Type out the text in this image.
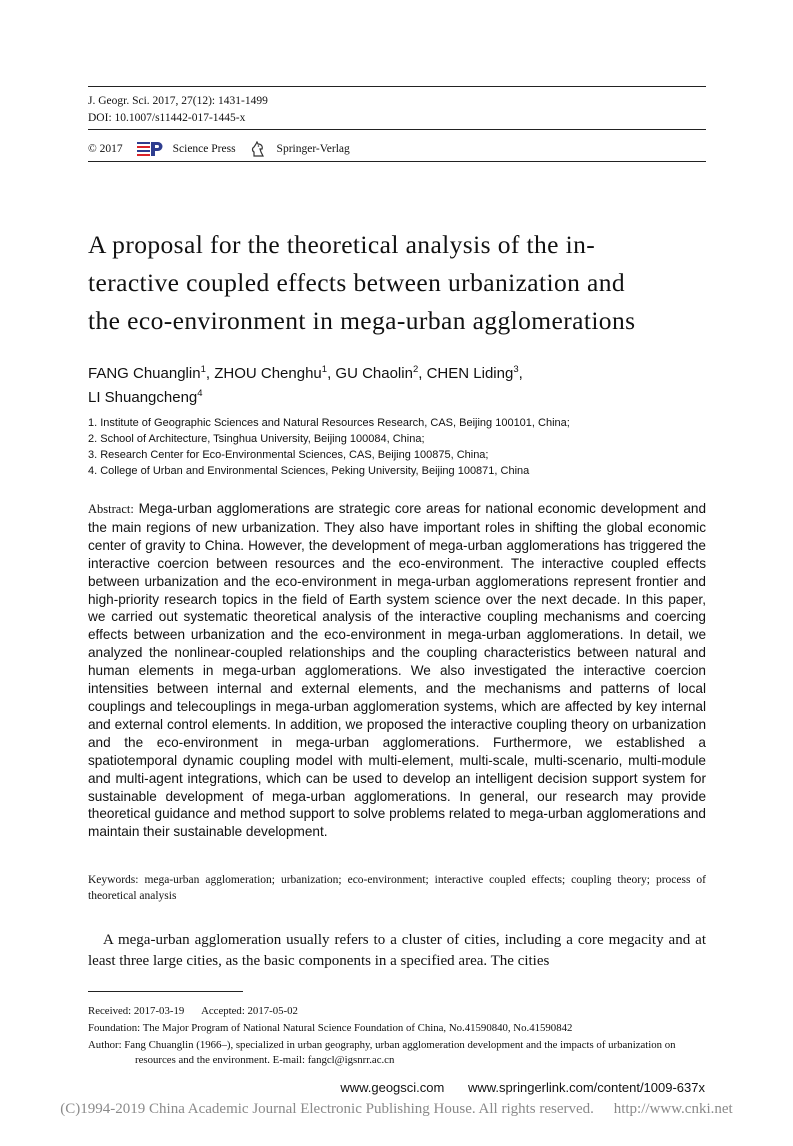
J. Geogr. Sci. 2017, 27(12): 1431-1499
DOI: 10.1007/s11442-017-1445-x
© 2017	Science Press	Springer-Verlag
A proposal for the theoretical analysis of the in-
teractive coupled effects between urbanization and
the eco-environment in mega-urban agglomerations
FANG Chuanglin$^1$, ZHOU Chenghu$^1$, GU Chaolin$^2$, CHEN Liding$^3$,
LI Shuangcheng$^4$
1. Institute of Geographic Sciences and Natural Resources Research, CAS, Beijing 100101, China;
2. School of Architecture, Tsinghua University, Beijing 100084, China;
3. Research Center for Eco-Environmental Sciences, CAS, Beijing 100875, China;
4. College of Urban and Environmental Sciences, Peking University, Beijing 100871, China
Abstract: Mega-urban agglomerations are strategic core areas for national economic development and the main regions of new urbanization. They also have important roles in shifting the global economic center of gravity to China. However, the development of mega-urban agglomerations has triggered the interactive coercion between resources and the eco-environment. The interactive coupled effects between urbanization and the eco-environment in mega-urban agglomerations represent frontier and high-priority research topics in the field of Earth system science over the next decade. In this paper, we carried out systematic theoretical analysis of the interactive coupling mechanisms and coercing effects between urbanization and the eco-environment in mega-urban agglomerations. In detail, we analyzed the nonlinear-coupled relationships and the coupling characteristics between natural and human elements in mega-urban agglomerations. We also investigated the interactive coercion intensities between internal and external elements, and the mechanisms and patterns of local couplings and telecouplings in mega-urban agglomeration systems, which are affected by key internal and external control elements. In addition, we proposed the interactive coupling theory on urbanization and the eco-environment in mega-urban agglomerations. Furthermore, we established a spatiotemporal dynamic coupling model with multi-element, multi-scale, multi-scenario, multi-module and multi-agent integrations, which can be used to develop an intelligent decision support system for sustainable development of mega-urban agglomerations. In general, our research may provide theoretical guidance and method support to solve problems related to mega-urban agglomerations and maintain their sustainable development.
Keywords: mega-urban agglomeration; urbanization; eco-environment; interactive coupled effects; coupling theory; process of theoretical analysis
A mega-urban agglomeration usually refers to a cluster of cities, including a core megacity and at least three large cities, as the basic components in a specified area. The cities
Received: 2017-03-19 Accepted: 2017-05-02
Foundation: The Major Program of National Natural Science Foundation of China, No.41590840, No.41590842
Author: Fang Chuanglin (1966–), specialized in urban geography, urban agglomeration development and the impacts of urbanization on resources and the environment. E-mail: fangcl@igsnrr.ac.cn
www.geogsci.com www.springerlink.com/content/1009-637x
(C)1994-2019 China Academic Journal Electronic Publishing House. All rights reserved. http://www.cnki.net
